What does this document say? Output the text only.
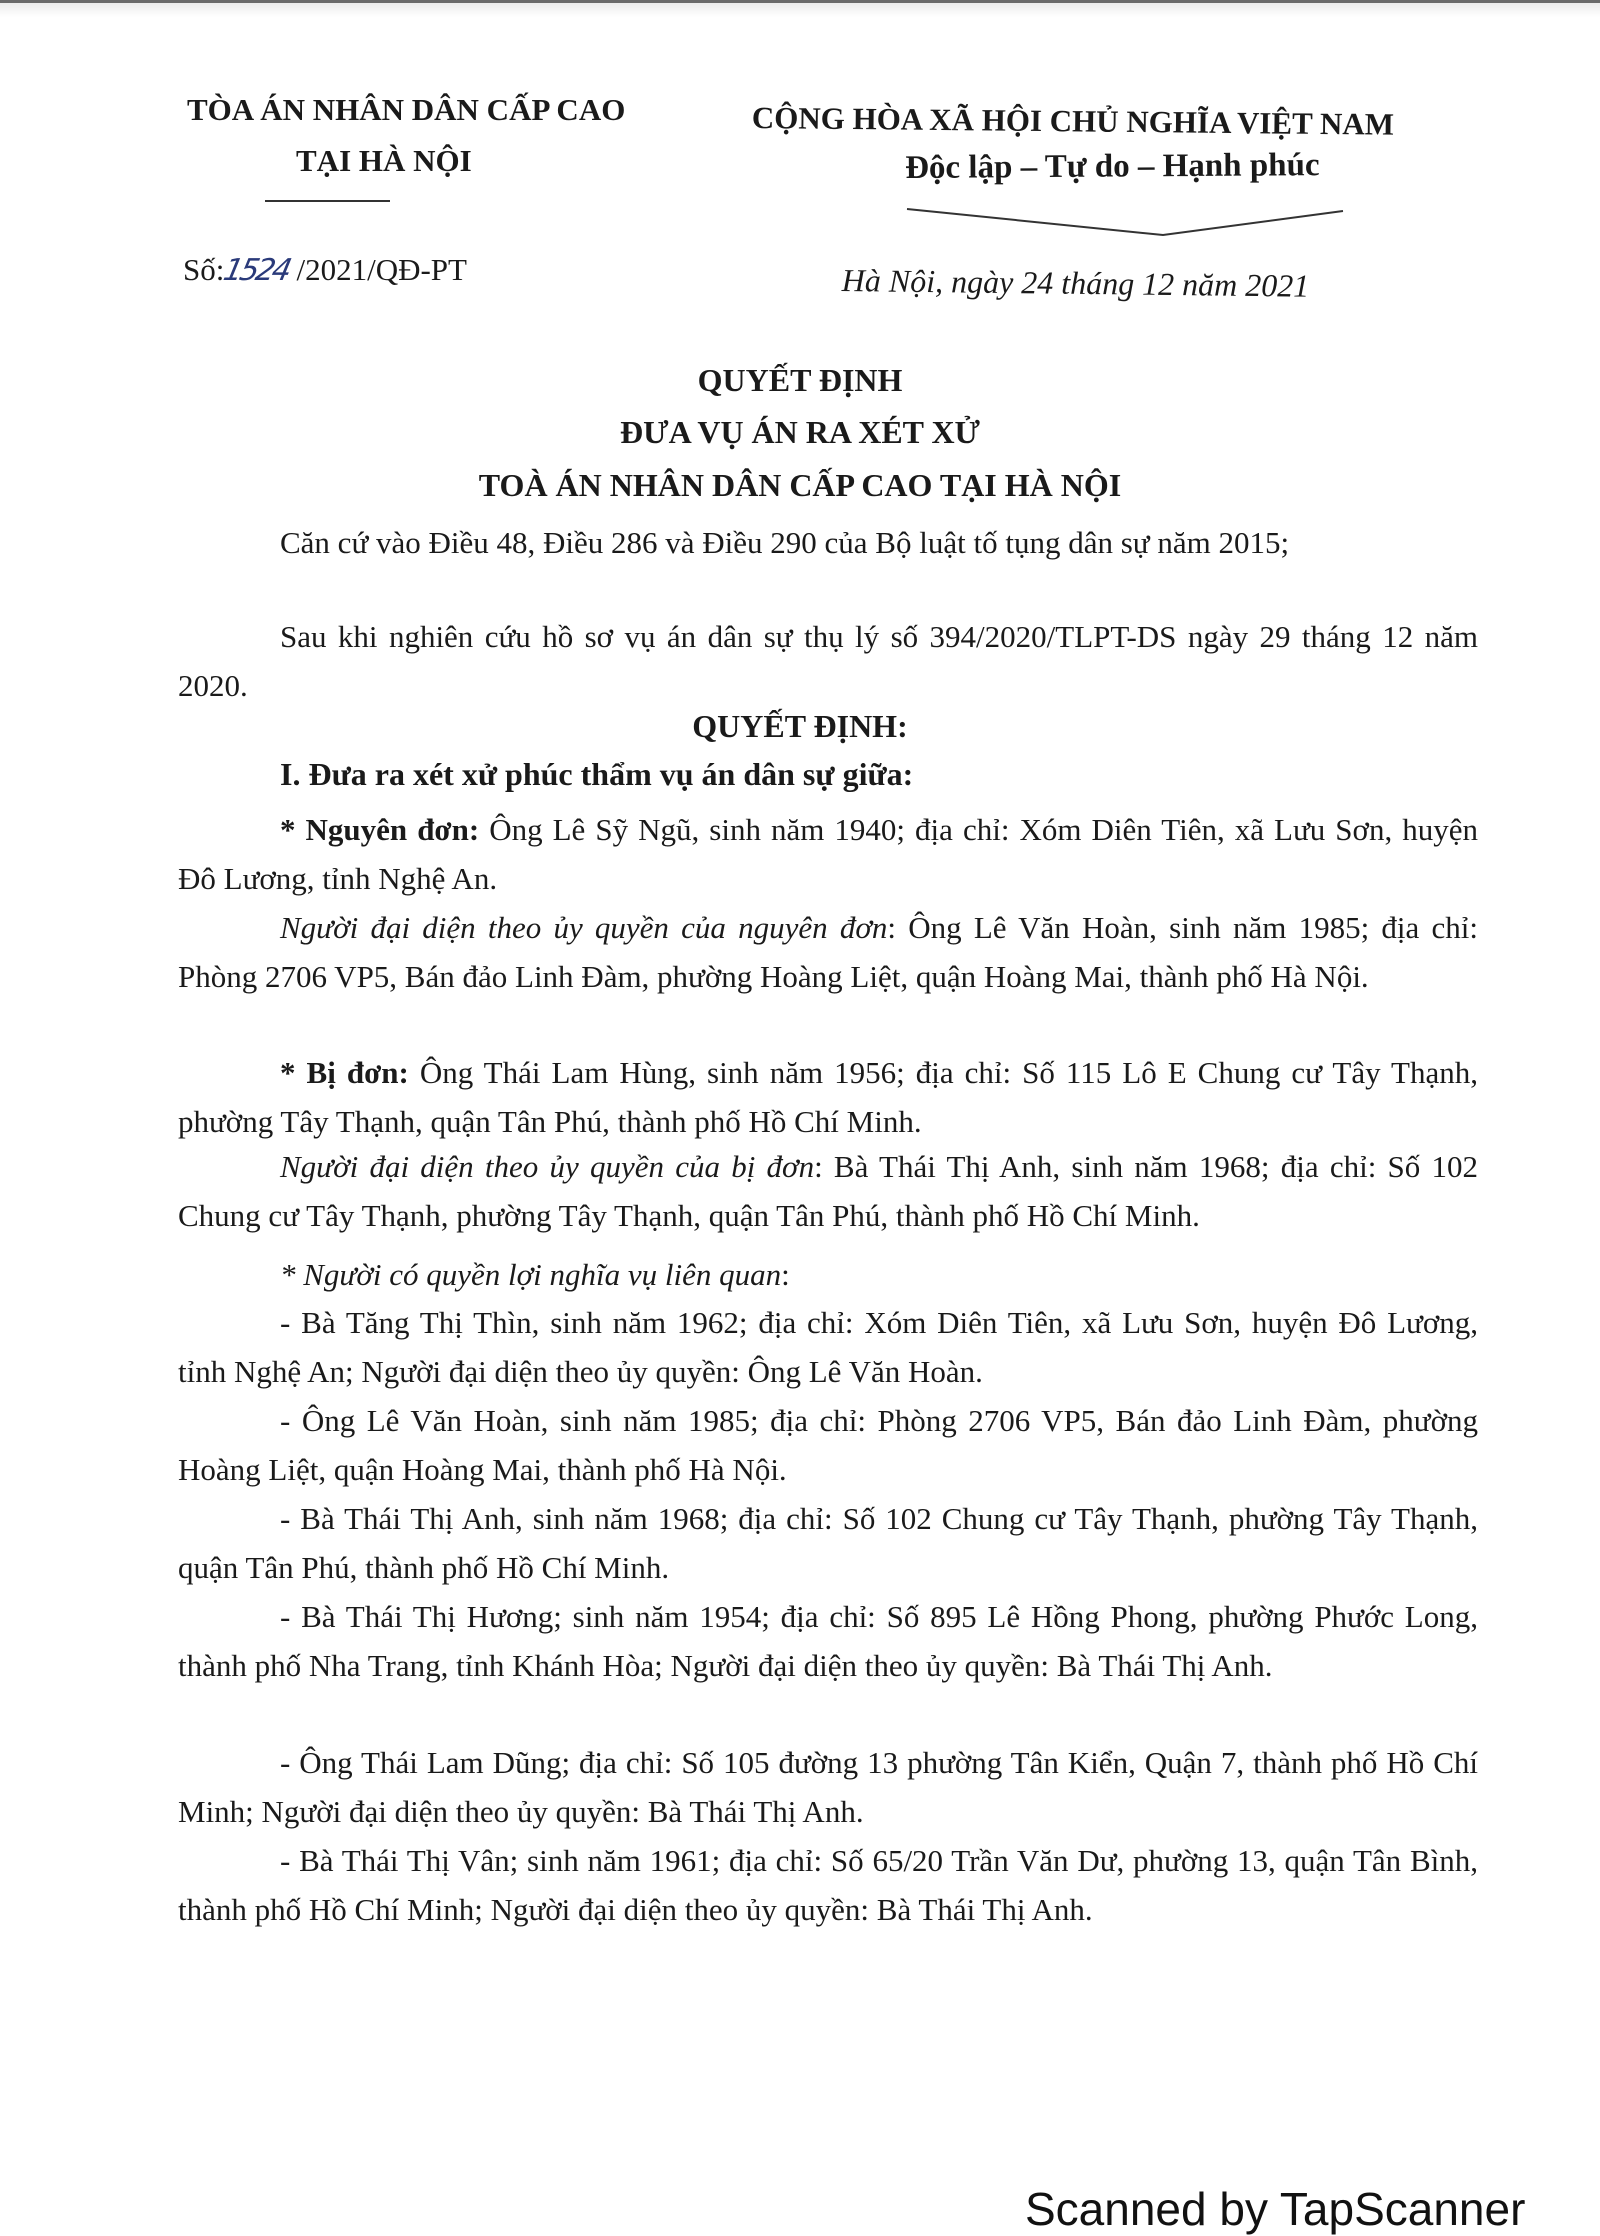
TÒA ÁN NHÂN DÂN CẤP CAO
TẠI HÀ NỘI
CỘNG HÒA XÃ HỘI CHỦ NGHĨA VIỆT NAM
Độc lập – Tự do – Hạnh phúc
Số:1524 /2021/QĐ-PT	Hà Nội, ngày 24 tháng 12 năm 2021
QUYẾT ĐỊNH
ĐƯA VỤ ÁN RA XÉT XỬ
TOÀ ÁN NHÂN DÂN CẤP CAO TẠI HÀ NỘI
Căn cứ vào Điều 48, Điều 286 và Điều 290 của Bộ luật tố tụng dân sự năm 2015;
Sau khi nghiên cứu hồ sơ vụ án dân sự thụ lý số 394/2020/TLPT-DS ngày 29 tháng 12 năm 2020.
QUYẾT ĐỊNH:
I. Đưa ra xét xử phúc thẩm vụ án dân sự giữa:
* Nguyên đơn: Ông Lê Sỹ Ngũ, sinh năm 1940; địa chỉ: Xóm Diên Tiên, xã Lưu Sơn, huyện Đô Lương, tỉnh Nghệ An.
Người đại diện theo ủy quyền của nguyên đơn: Ông Lê Văn Hoàn, sinh năm 1985; địa chỉ: Phòng 2706 VP5, Bán đảo Linh Đàm, phường Hoàng Liệt, quận Hoàng Mai, thành phố Hà Nội.
* Bị đơn: Ông Thái Lam Hùng, sinh năm 1956; địa chỉ: Số 115 Lô E Chung cư Tây Thạnh, phường Tây Thạnh, quận Tân Phú, thành phố Hồ Chí Minh.
Người đại diện theo ủy quyền của bị đơn: Bà Thái Thị Anh, sinh năm 1968; địa chỉ: Số 102 Chung cư Tây Thạnh, phường Tây Thạnh, quận Tân Phú, thành phố Hồ Chí Minh.
* Người có quyền lợi nghĩa vụ liên quan:
- Bà Tăng Thị Thìn, sinh năm 1962; địa chỉ: Xóm Diên Tiên, xã Lưu Sơn, huyện Đô Lương, tỉnh Nghệ An; Người đại diện theo ủy quyền: Ông Lê Văn Hoàn.
- Ông Lê Văn Hoàn, sinh năm 1985; địa chỉ: Phòng 2706 VP5, Bán đảo Linh Đàm, phường Hoàng Liệt, quận Hoàng Mai, thành phố Hà Nội.
- Bà Thái Thị Anh, sinh năm 1968; địa chỉ: Số 102 Chung cư Tây Thạnh, phường Tây Thạnh, quận Tân Phú, thành phố Hồ Chí Minh.
- Bà Thái Thị Hương; sinh năm 1954; địa chỉ: Số 895 Lê Hồng Phong, phường Phước Long, thành phố Nha Trang, tỉnh Khánh Hòa; Người đại diện theo ủy quyền: Bà Thái Thị Anh.
- Ông Thái Lam Dũng; địa chỉ: Số 105 đường 13 phường Tân Kiển, Quận 7, thành phố Hồ Chí Minh; Người đại diện theo ủy quyền: Bà Thái Thị Anh.
- Bà Thái Thị Vân; sinh năm 1961; địa chỉ: Số 65/20 Trần Văn Dư, phường 13, quận Tân Bình, thành phố Hồ Chí Minh; Người đại diện theo ủy quyền: Bà Thái Thị Anh.
Scanned by TapScanner
